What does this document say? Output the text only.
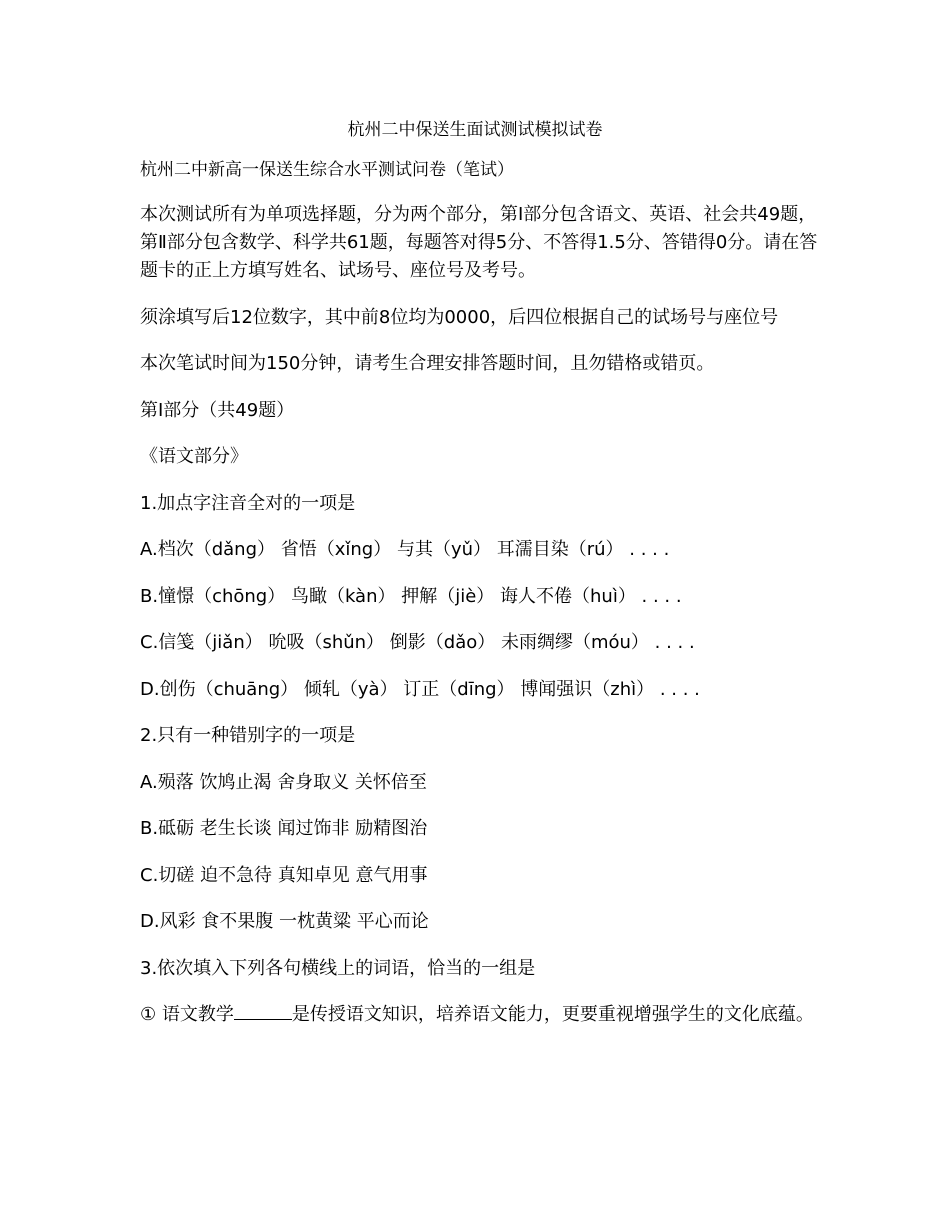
杭州二中保送生面试测试模拟试卷
杭州二中新高一保送生综合水平测试问卷（笔试）

本次测试所有为单项选择题，分为两个部分，第Ⅰ部分包含语文、英语、社会共49题，第Ⅱ部分包含数学、科学共61题，每题答对得5分、不答得1.5分、答错得0分。请在答题卡的正上方填写姓名、试场号、座位号及考号。

须涂填写后12位数字，其中前8位均为0000，后四位根据自己的试场号与座位号

本次笔试时间为150分钟，请考生合理安排答题时间，且勿错格或错页。

第Ⅰ部分（共49题）

《语文部分》

1.加点字注音全对的一项是

A.档次（dǎng） 省悟（xǐng） 与其（yǔ） 耳濡目染（rú） . . . .

B.憧憬（chōng） 鸟瞰（kàn） 押解（jiè） 诲人不倦（huì） . . . .

C.信笺（jiǎn） 吮吸（shǔn） 倒影（dǎo） 未雨绸缪（móu） . . . .

D.创伤（chuāng） 倾轧（yà） 订正（dīng） 博闻强识（zhì） . . . .

2.只有一种错别字的一项是

A.殒落 饮鸠止渴 舍身取义 关怀倍至

B.砥砺 老生长谈 闻过饰非 励精图治

C.切磋 迫不急待 真知卓见 意气用事

D.风彩 食不果腹 一枕黄粱 平心而论

3.依次填入下列各句横线上的词语，恰当的一组是

① 语文教学	是传授语文知识，培养语文能力，更要重视增强学生的文化底蕴。
